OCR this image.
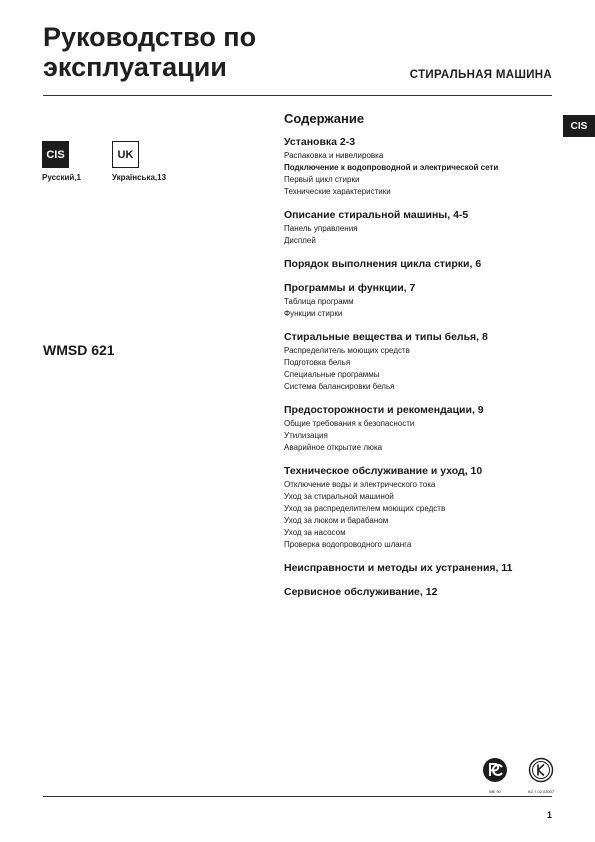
Руководство по
эксплуатации	СТИРАЛЬНАЯ МАШИНА
CIS
CIS
Русский,1
UK
Українська,13
WMSD 621
Содержание
Установка 2-3
Распаковка и нивелировка
Подключение к водопроводной и электрической сети
Первый цикл стирки
Технические характеристики
Описание стиральной машины, 4-5
Панель управления
Дисплей
Порядок выполнения цикла стирки, 6
Программы и функции, 7
Таблица программ
Функции стирки
Стиральные вещества и типы белья, 8
Распределитель моющих средств
Подготовка белья
Специальные программы
Система балансировки белья
Предосторожности и рекомендации, 9
Общие требования к безопасности
Утилизация
Аварийное открытие люка
Техническое обслуживание и уход, 10
Отключение воды и электрического тока
Уход за стиральной машиной
Уход за распределителем моющих средств
Уход за люком и барабаном
Уход за насосом
Проверка водопроводного шланга
Неисправности и методы их устранения, 11
Сервисное обслуживание, 12
МЕ 90	KZ.7.02.03007
1
